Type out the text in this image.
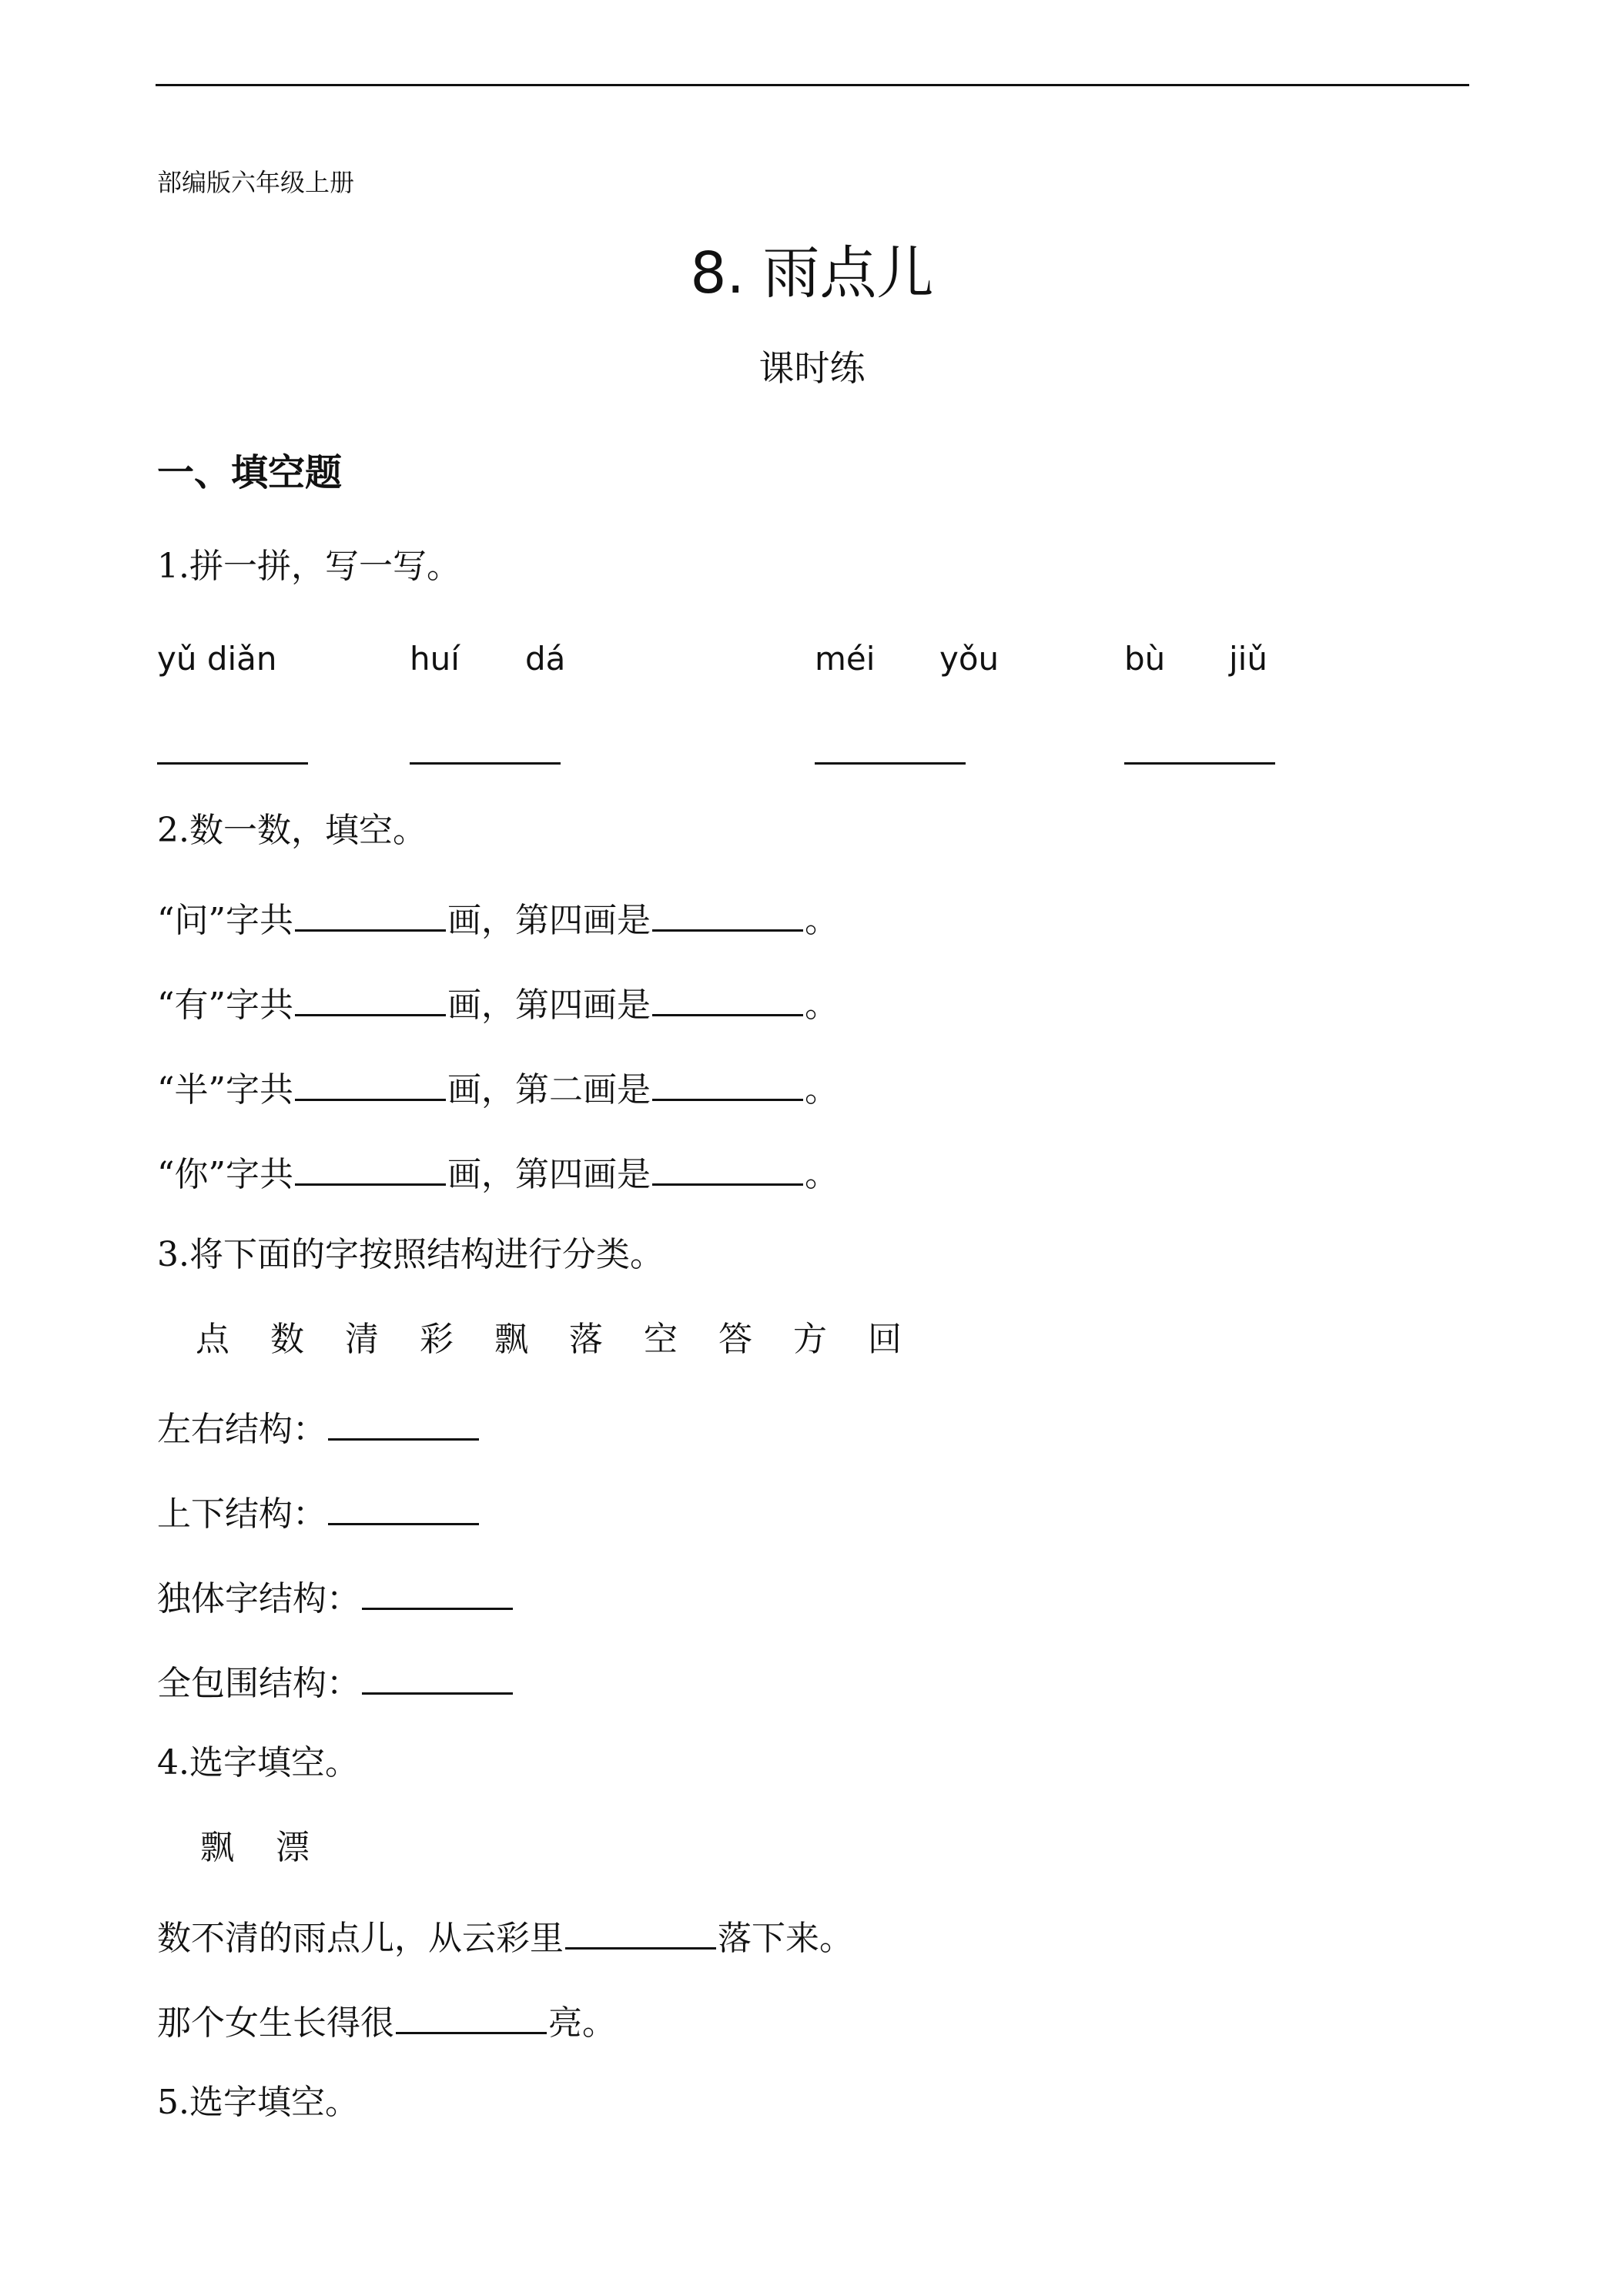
部编版六年级上册
8. 雨点儿
课时练
一、填空题
1.拼一拼，写一写。
yǔ diǎn	huí dá	méi yǒu	bù jiǔ
2.数一数，填空。
“问”字共	画，第四画是	。
“有”字共	画，第四画是	。
“半”字共	画，第二画是	。
“你”字共	画，第四画是	。
3.将下面的字按照结构进行分类。
点 数 清 彩 飘 落 空 答 方 回
左右结构：
上下结构：
独体字结构：
全包围结构：
4.选字填空。
飘 漂
数不清的雨点儿，从云彩里	落下来。
那个女生长得很	亮。
5.选字填空。
